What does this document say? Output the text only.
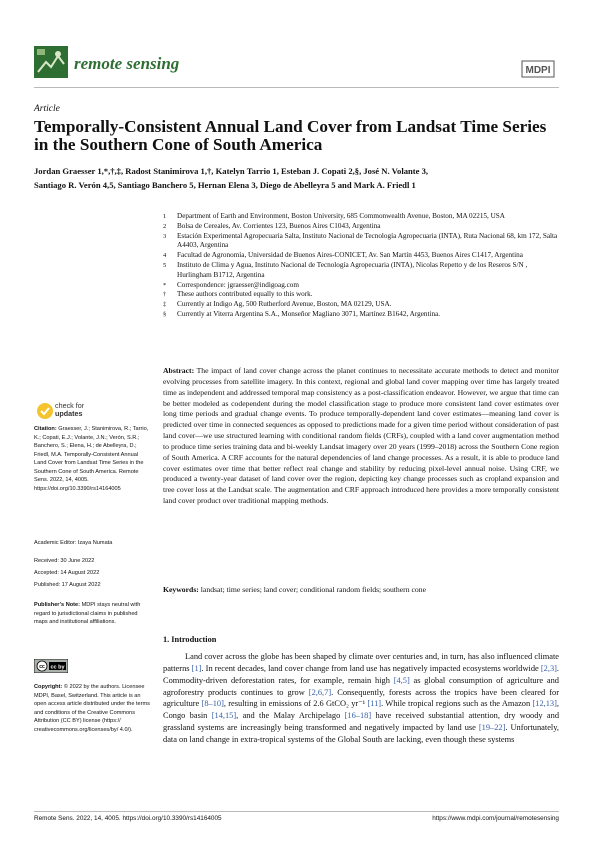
remote sensing	MDPI
Article
Temporally-Consistent Annual Land Cover from Landsat Time Series in the Southern Cone of South America
Jordan Graesser 1,*,†,‡, Radost Stanimirova 1,†, Katelyn Tarrio 1, Esteban J. Copati 2,§, José N. Volante 3,
Santiago R. Verón 4,5, Santiago Banchero 5, Hernan Elena 3, Diego de Abelleyra 5 and Mark A. Friedl 1
1	Department of Earth and Environment, Boston University, 685 Commonwealth Avenue, Boston, MA 02215, USA
2	Bolsa de Cereales, Av. Corrientes 123, Buenos Aires C1043, Argentina
3	Estación Experimental Agropecuaria Salta, Instituto Nacional de Tecnología Agropecuaria (INTA), Ruta Nacional 68, km 172, Salta A4403, Argentina
4	Facultad de Agronomía, Universidad de Buenos Aires-CONICET, Av. San Martín 4453, Buenos Aires C1417, Argentina
5	Instituto de Clima y Agua, Instituto Nacional de Tecnología Agropecuaria (INTA), Nicolas Repetto y de los Reseros S/N , Hurlingham B1712, Argentina
*	Correspondence: jgraesser@indigoag.com
†	These authors contributed equally to this work.
‡	Currently at Indigo Ag, 500 Rutherford Avenue, Boston, MA 02129, USA.
§	Currently at Viterra Argentina S.A., Monseñor Magliano 3071, Martínez B1642, Argentina.
Abstract: The impact of land cover change across the planet continues to necessitate accurate methods to detect and monitor evolving processes from satellite imagery. In this context, regional and global land cover mapping over time has largely treated time as independent and addressed temporal map consistency as a post-classification endeavor. However, we argue that time can be better modeled as codependent during the model classification stage to produce more consistent land cover estimates over long time periods and gradual change events. To produce temporally-dependent land cover estimates—meaning land cover is predicted over time in connected sequences as opposed to predictions made for a given time period without consideration of past land cover—we use structured learning with conditional random fields (CRFs), coupled with a land cover augmentation method to produce time series training data and bi-weekly Landsat imagery over 20 years (1999–2018) across the Southern Cone region of South America. A CRF accounts for the natural dependencies of land change processes. As a result, it is able to produce land cover estimates over time that better reflect real change and stability by reducing pixel-level annual noise. Using CRF, we produced a twenty-year dataset of land cover over the region, depicting key change processes such as cropland expansion and tree cover loss at the Landsat scale. The augmentation and CRF approach introduced here provides a more temporally consistent land cover product over traditional mapping methods.
Keywords: landsat; time series; land cover; conditional random fields; southern cone
1. Introduction
Land cover across the globe has been shaped by climate over centuries and, in turn, has also influenced climate patterns [1]. In recent decades, land cover change from land use has negatively impacted ecosystems worldwide [2,3]. Commodity-driven deforestation rates, for example, remain high [4,5] as global consumption of agriculture and agroforestry products continues to grow [2,6,7]. Consequently, forests across the tropics have been cleared for agriculture [8–10], resulting in emissions of 2.6 GtCO₂ yr⁻¹ [11]. While tropical regions such as the Amazon [12,13], Congo basin [14,15], and the Malay Archipelago [16–18] have received substantial attention, dry woody and grassland systems are increasingly being transformed and negatively impacted by land use [19–22]. Unfortunately, data on land change in extra-tropical systems of the Global South are lacking, even though these systems
check for
updates
Citation: Graesser, J.; Stanimirova, R.; Tarrio, K.; Copati, E.J.; Volante, J.N.; Verón, S.R.; Banchero, S.; Elena, H.; de Abelleyra, D.; Friedl, M.A. Temporally-Consistent Annual Land Cover from Landsat Time Series in the Southern Cone of South America. Remote Sens. 2022, 14, 4005. https://doi.org/10.3390/rs14164005
Academic Editor: Izaya Numata
Received: 30 June 2022
Accepted: 14 August 2022
Published: 17 August 2022
Publisher’s Note: MDPI stays neutral with regard to jurisdictional claims in published maps and institutional affiliations.
cc cc by
Copyright: © 2022 by the authors. Licensee MDPI, Basel, Switzerland. This article is an open access article distributed under the terms and conditions of the Creative Commons Attribution (CC BY) license (https:// creativecommons.org/licenses/by/ 4.0/).
Remote Sens. 2022, 14, 4005. https://doi.org/10.3390/rs14164005	https://www.mdpi.com/journal/remotesensing
